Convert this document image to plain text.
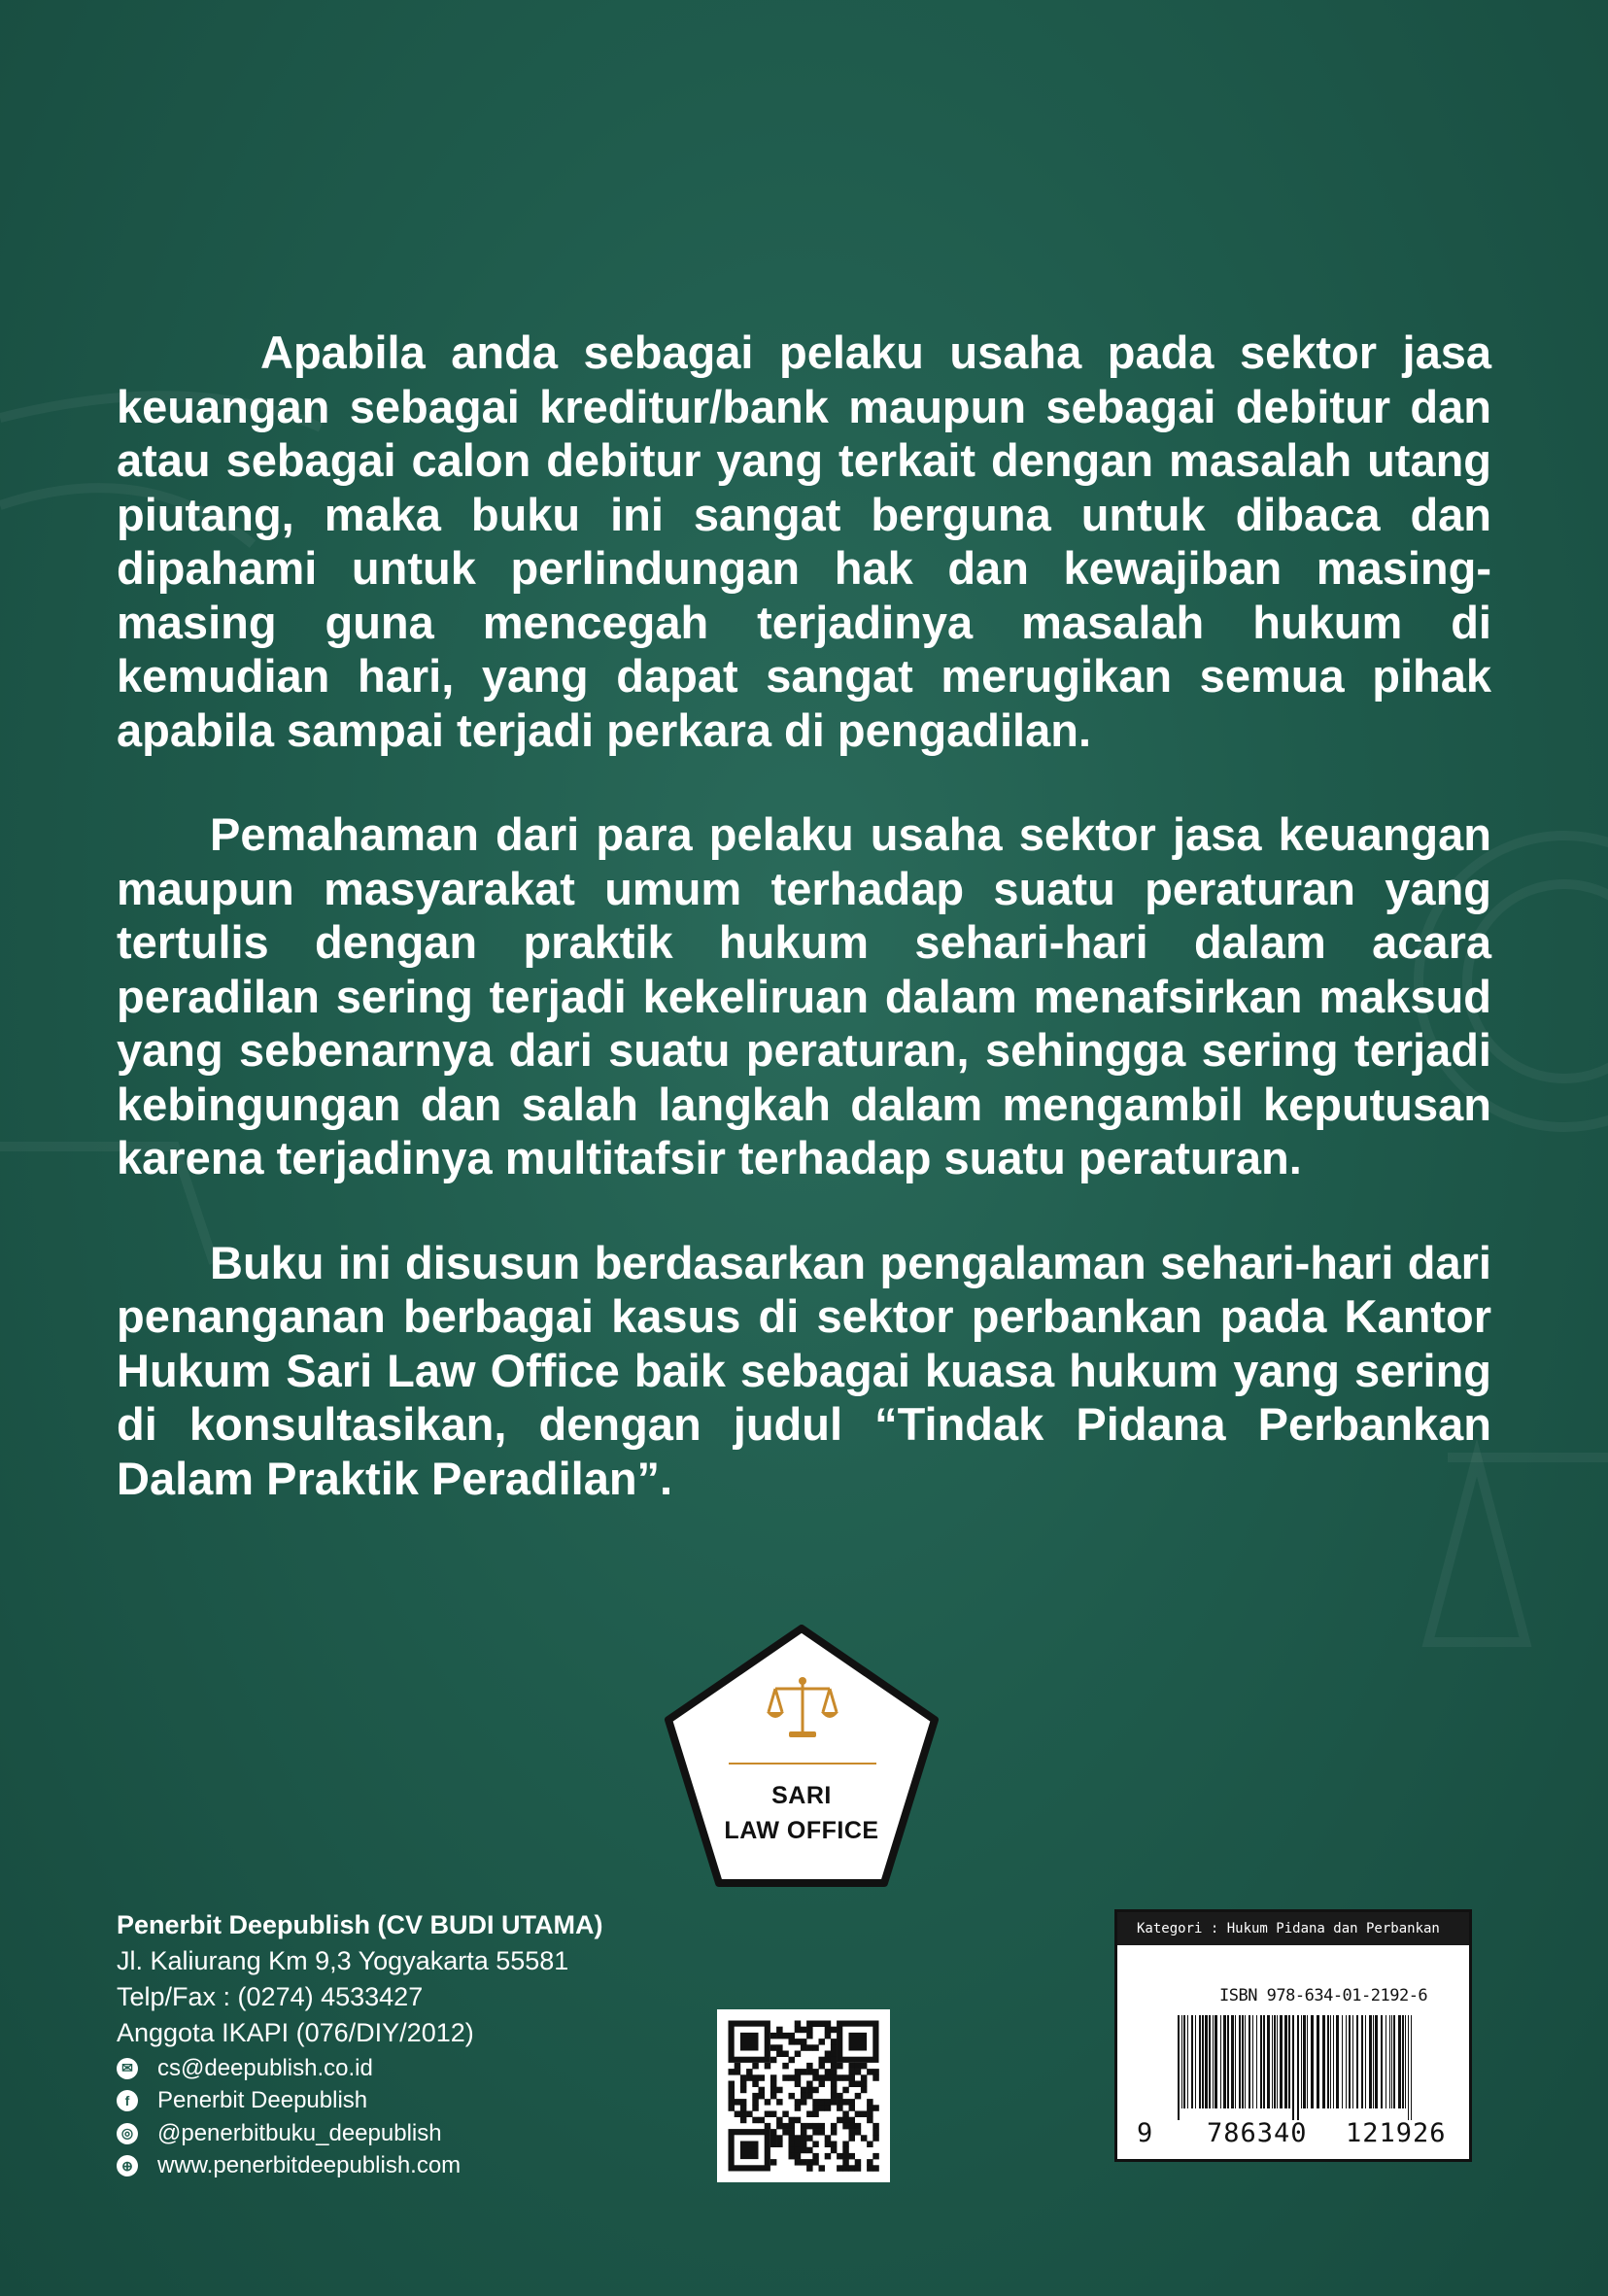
Apabila anda sebagai pelaku usaha pada sektor jasa keuangan sebagai kreditur/bank maupun sebagai debitur dan atau sebagai calon debitur yang terkait dengan masalah utang piutang, maka buku ini sangat berguna untuk dibaca dan dipahami untuk perlindungan hak dan kewajiban masing-masing guna mencegah terjadinya masalah hukum di kemudian hari, yang dapat sangat merugikan semua pihak apabila sampai terjadi perkara di pengadilan.

Pemahaman dari para pelaku usaha sektor jasa keuangan maupun masyarakat umum terhadap suatu peraturan yang tertulis dengan praktik hukum sehari-hari dalam acara peradilan sering terjadi kekeliruan dalam menafsirkan maksud yang sebenarnya dari suatu peraturan, sehingga sering terjadi kebingungan dan salah langkah dalam mengambil keputusan karena terjadinya multitafsir terhadap suatu peraturan.

Buku ini disusun berdasarkan pengalaman sehari-hari dari penanganan berbagai kasus di sektor perbankan pada Kantor Hukum Sari Law Office baik sebagai kuasa hukum yang sering di konsultasikan, dengan judul “Tindak Pidana Perbankan Dalam Praktik Peradilan”.

SARI
LAW OFFICE
Penerbit Deepublish (CV BUDI UTAMA)
Jl. Kaliurang Km 9,3 Yogyakarta 55581
Telp/Fax : (0274) 4533427
Anggota IKAPI (076/DIY/2012)
✉ cs@deepublish.co.id
f	Penerbit Deepublish
◎ @penerbitbuku_deepublish
⊕ www.penerbitdeepublish.com
Kategori : Hukum Pidana dan Perbankan
ISBN 978-634-01-2192-6
9 786340 121926
